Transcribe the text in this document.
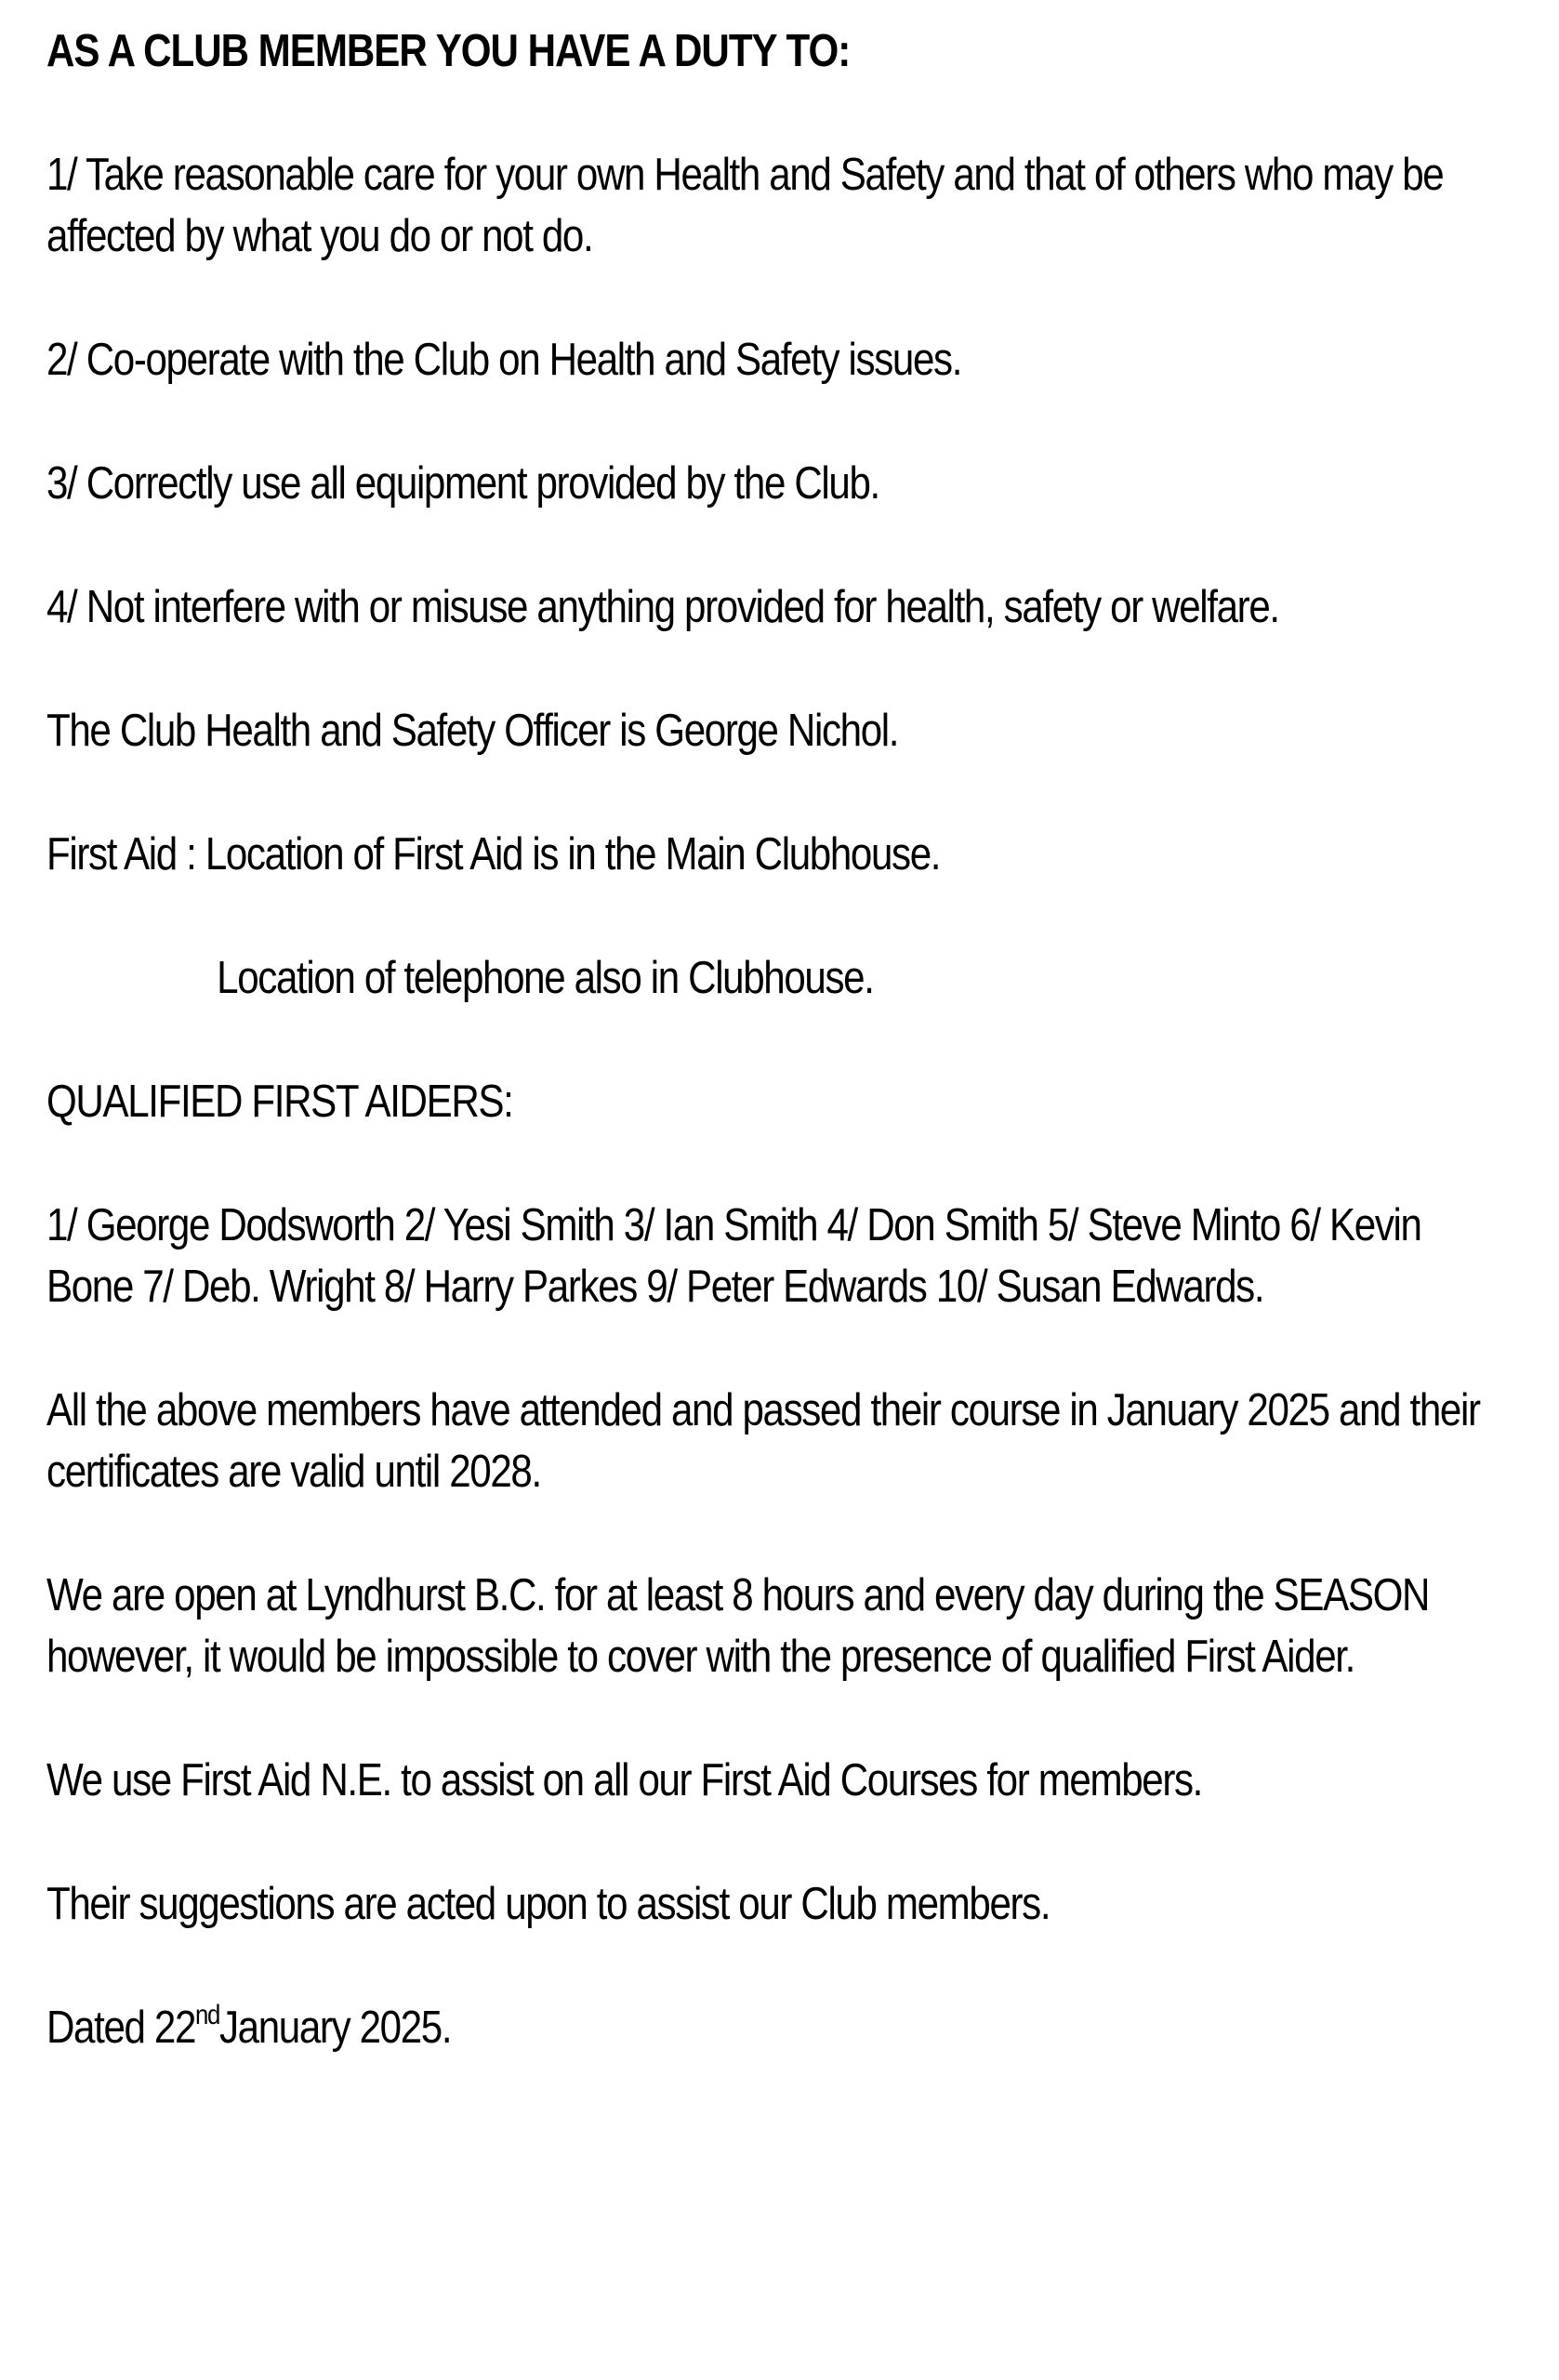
AS A CLUB MEMBER YOU HAVE A DUTY TO:

1/ Take reasonable care for your own Health and Safety and that of others who may be affected by what you do or not do.

2/ Co-operate with the Club on Health and Safety issues.

3/ Correctly use all equipment provided by the Club.

4/ Not interfere with or misuse anything provided for health, safety or welfare.

The Club Health and Safety Officer is George Nichol.

First Aid : Location of First Aid is in the Main Clubhouse.

Location of telephone also in Clubhouse.

QUALIFIED FIRST AIDERS:

1/ George Dodsworth 2/ Yesi Smith 3/ Ian Smith 4/ Don Smith 5/ Steve Minto 6/ Kevin Bone 7/ Deb. Wright 8/ Harry Parkes 9/ Peter Edwards 10/ Susan Edwards.

All the above members have attended and passed their course in January 2025 and their certificates are valid until 2028.

We are open at Lyndhurst B.C. for at least 8 hours and every day during the SEASON however, it would be impossible to cover with the presence of qualified First Aider.

We use First Aid N.E. to assist on all our First Aid Courses for members.

Their suggestions are acted upon to assist our Club members.

Dated 22ndJanuary 2025.
